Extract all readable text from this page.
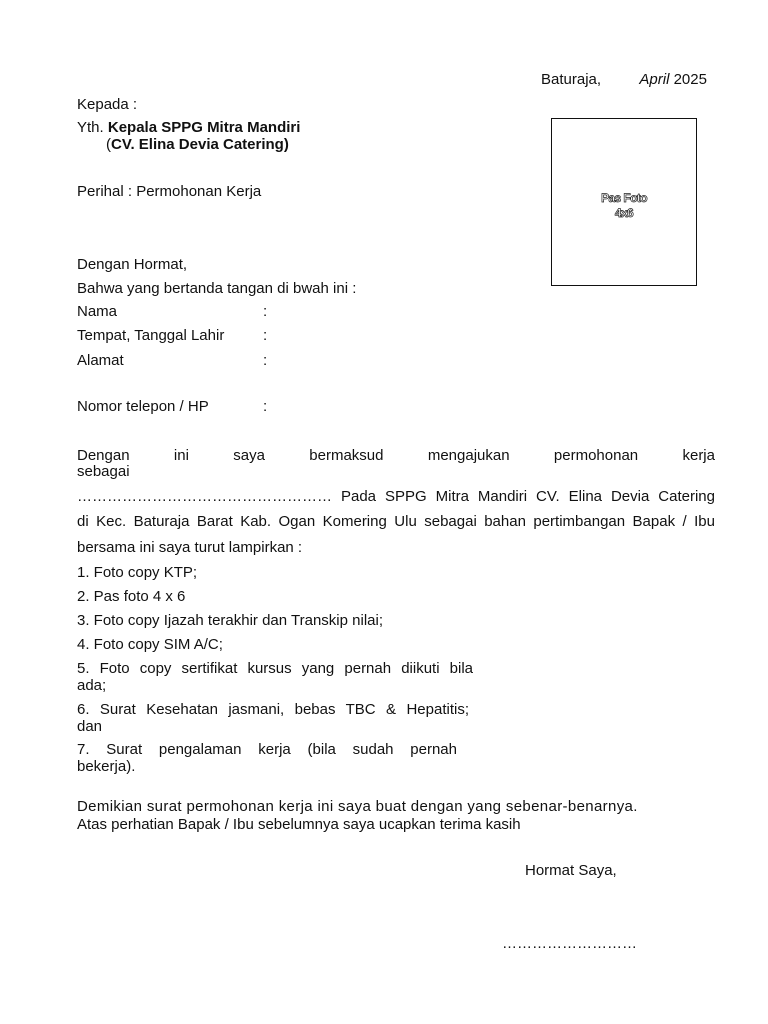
Baturaja,	April 2025
Kepada :
Yth. Kepala SPPG Mitra Mandiri
(CV. Elina Devia Catering)
Pas Foto
4x6
Perihal : Permohonan Kerja
Dengan Hormat,
Bahwa yang bertanda tangan di bwah ini :
Nama	:
Tempat, Tanggal Lahir	:
Alamat	:
Nomor telepon / HP	:
Dengan ini saya bermaksud mengajukan permohonan kerja
sebagai
…………………………………………… Pada SPPG Mitra Mandiri CV. Elina Devia Catering
di Kec. Baturaja Barat Kab. Ogan Komering Ulu sebagai bahan pertimbangan Bapak / Ibu
bersama ini saya turut lampirkan :
1. Foto copy KTP;
2. Pas foto 4 x 6
3. Foto copy Ijazah terakhir dan Transkip nilai;
4. Foto copy SIM A/C;
5. Foto copy sertifikat kursus yang pernah diikuti bila
ada;
6. Surat Kesehatan jasmani, bebas TBC & Hepatitis;
dan
7. Surat pengalaman kerja (bila sudah pernah
bekerja).
Demikian surat permohonan kerja ini saya buat dengan yang sebenar-benarnya.
Atas perhatian Bapak / Ibu sebelumnya saya ucapkan terima kasih
Hormat Saya,
………………………
